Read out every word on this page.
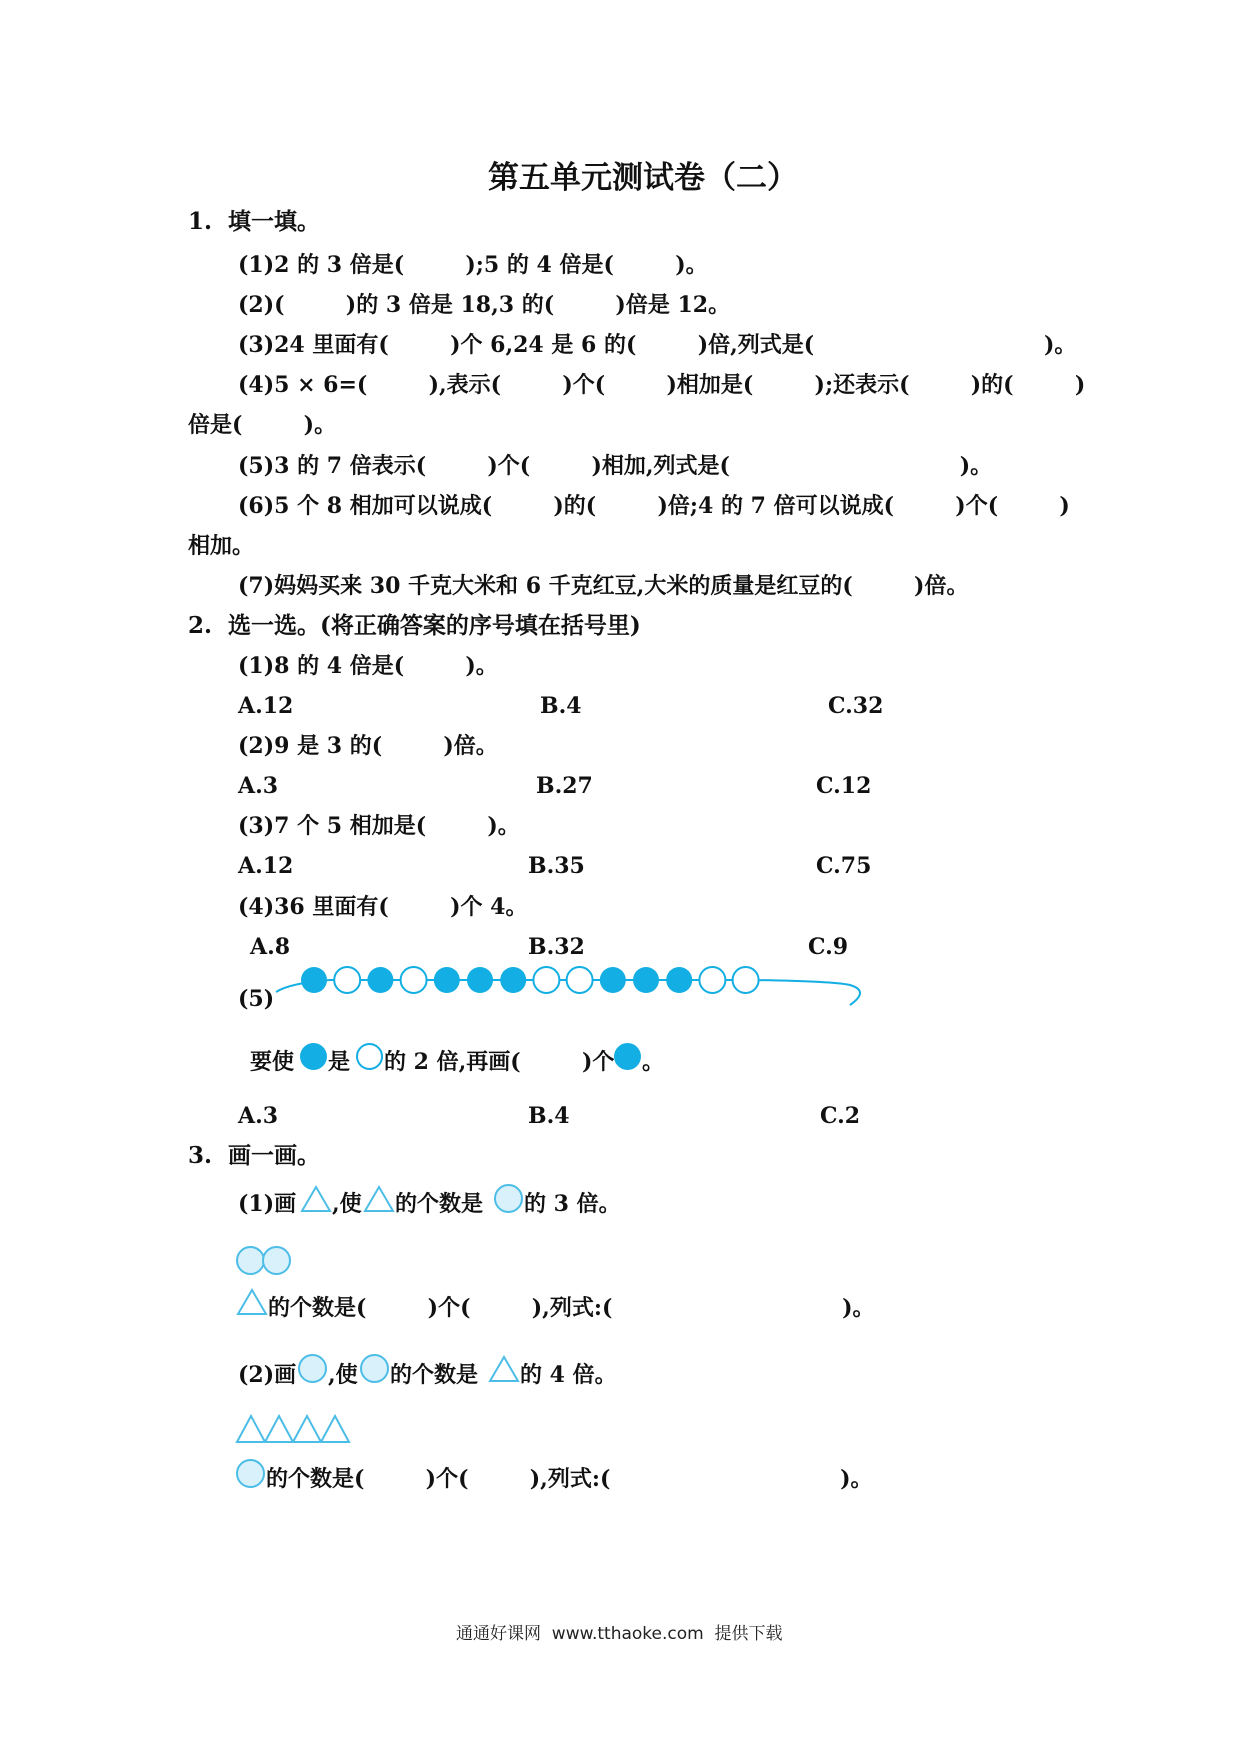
第五单元测试卷（二）
1.  填一填。
(1)2 的 3 倍是(        );5 的 4 倍是(        )。
(2)(        )的 3 倍是 18,3 的(        )倍是 12。
(3)24 里面有(        )个 6,24 是 6 的(        )倍,列式是(                              )。
(4)5 × 6=(        ),表示(        )个(        )相加是(        );还表示(        )的(        )
倍是(        )。
(5)3 的 7 倍表示(        )个(        )相加,列式是(                              )。
(6)5 个 8 相加可以说成(        )的(        )倍;4 的 7 倍可以说成(        )个(        )
相加。
(7)妈妈买来 30 千克大米和 6 千克红豆,大米的质量是红豆的(        )倍。
2.  选一选。(将正确答案的序号填在括号里)
(1)8 的 4 倍是(        )。
A.12	B.4	C.32
(2)9 是 3 的(        )倍。
A.3	B.27	C.12
(3)7 个 5 相加是(        )。
A.12	B.35	C.75
(4)36 里面有(        )个 4。
A.8	B.32	C.9
(5)
要使 是 的 2 倍,再画(        )个 。
A.3	B.4	C.2
3.  画一画。
(1)画 ,使 的个数是 的 3 倍。
的个数是(        )个(        ),列式:(                              )。
(2)画 ,使 的个数是 的 4 倍。
的个数是(        )个(        ),列式:(                              )。
通通好课网  www.tthaoke.com  提供下载
